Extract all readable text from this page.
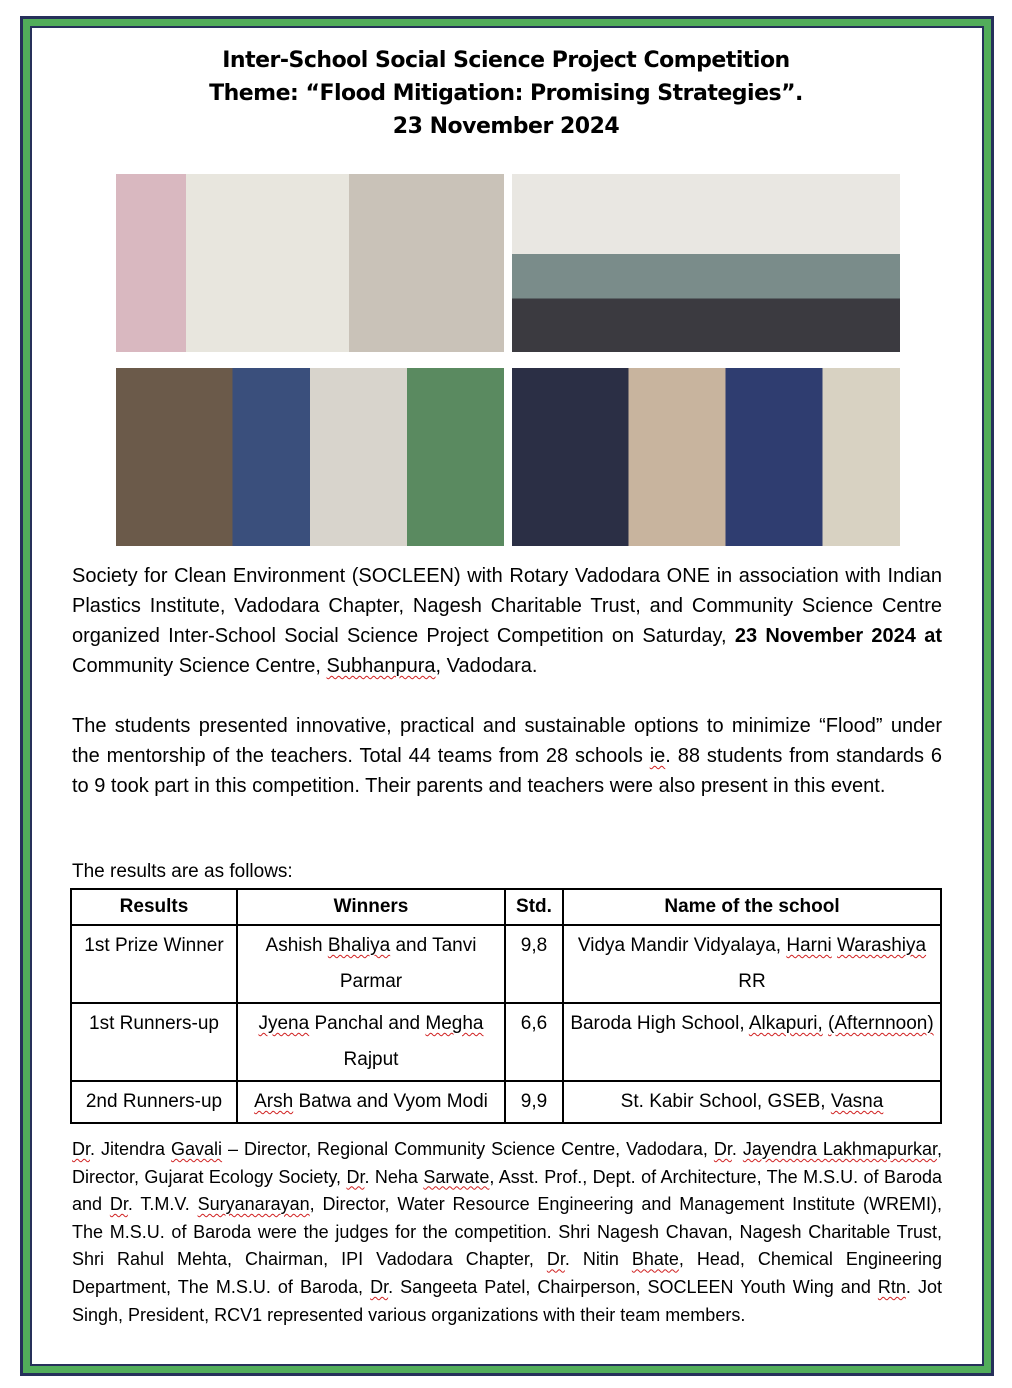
Inter-School Social Science Project Competition
Theme: “Flood Mitigation: Promising Strategies”.
23 November 2024
Society for Clean Environment (SOCLEEN) with Rotary Vadodara ONE in association with Indian Plastics Institute, Vadodara Chapter, Nagesh Charitable Trust, and Community Science Centre organized Inter-School Social Science Project Competition on Saturday, 23 November 2024 at Community Science Centre, Subhanpura, Vadodara.
The students presented innovative, practical and sustainable options to minimize “Flood” under the mentorship of the teachers. Total 44 teams from 28 schools ie. 88 students from standards 6 to 9 took part in this competition. Their parents and teachers were also present in this event.
The results are as follows:
Results	Winners	Std.	Name of the school
1st Prize Winner	Ashish Bhaliya and Tanvi Parmar	9,8	Vidya Mandir Vidyalaya, Harni Warashiya RR
1st Runners-up	Jyena Panchal and Megha Rajput	6,6	Baroda High School, Alkapuri, (Afternnoon)
2nd Runners-up	Arsh Batwa and Vyom Modi	9,9	St. Kabir School, GSEB, Vasna
Dr. Jitendra Gavali – Director, Regional Community Science Centre, Vadodara, Dr. Jayendra Lakhmapurkar, Director, Gujarat Ecology Society, Dr. Neha Sarwate, Asst. Prof., Dept. of Architecture, The M.S.U. of Baroda and Dr. T.M.V. Suryanarayan, Director, Water Resource Engineering and Management Institute (WREMI), The M.S.U. of Baroda were the judges for the competition. Shri Nagesh Chavan, Nagesh Charitable Trust, Shri Rahul Mehta, Chairman, IPI Vadodara Chapter, Dr. Nitin Bhate, Head, Chemical Engineering Department, The M.S.U. of Baroda, Dr. Sangeeta Patel, Chairperson, SOCLEEN Youth Wing and Rtn. Jot Singh, President, RCV1 represented various organizations with their team members.
